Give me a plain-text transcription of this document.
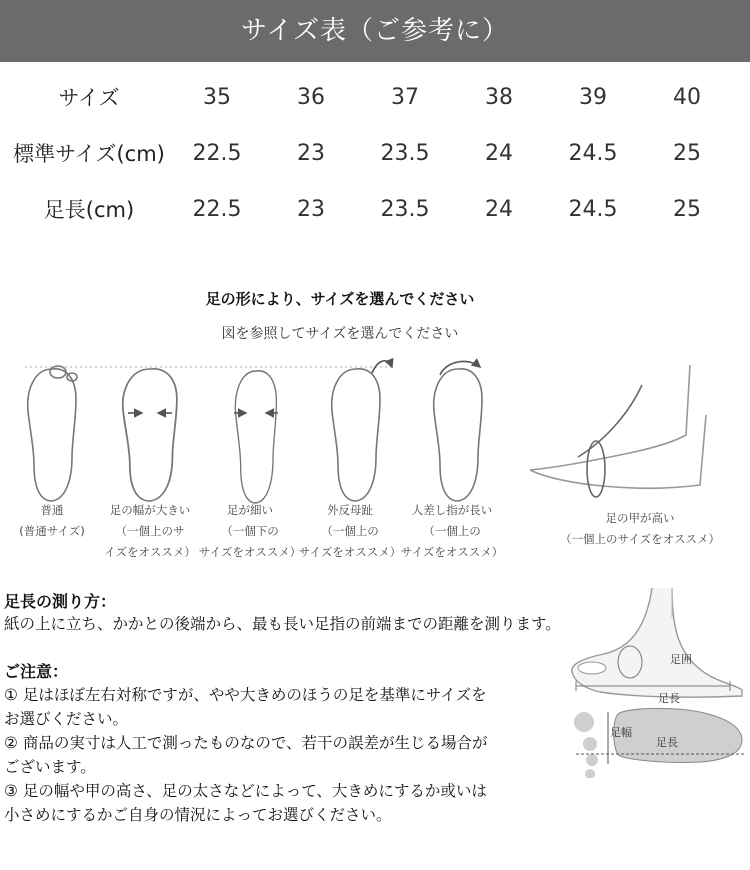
サイズ表（ご参考に）
サイズ	35	36	37	38	39	40
標準サイズ(cm)	22.5	23	23.5	24	24.5	25
足長(cm)	22.5	23	23.5	24	24.5	25
足の形により、サイズを選んでください
図を参照してサイズを選んでください
普通
(普通サイズ)
足の幅が大きい
（一個上のサ
イズをオススメ）
足が細い
（一個下の
サイズをオススメ）
外反母趾
（一個上の
サイズをオススメ）
人差し指が長い
（一個上の
サイズをオススメ）
足の甲が高い
（一個上のサイズをオススメ）
足長の測り方：
紙の上に立ち、かかとの後端から、最も長い足指の前端までの距離を測ります。
足囲
足長
足幅
足長
ご注意：
① 足はほぼ左右対称ですが、やや大きめのほうの足を基準にサイズを
お選びください。
② 商品の実寸は人工で測ったものなので、若干の誤差が生じる場合が
ございます。
③ 足の幅や甲の高さ、足の太さなどによって、大きめにするか或いは
小さめにするかご自身の情況によってお選びください。
